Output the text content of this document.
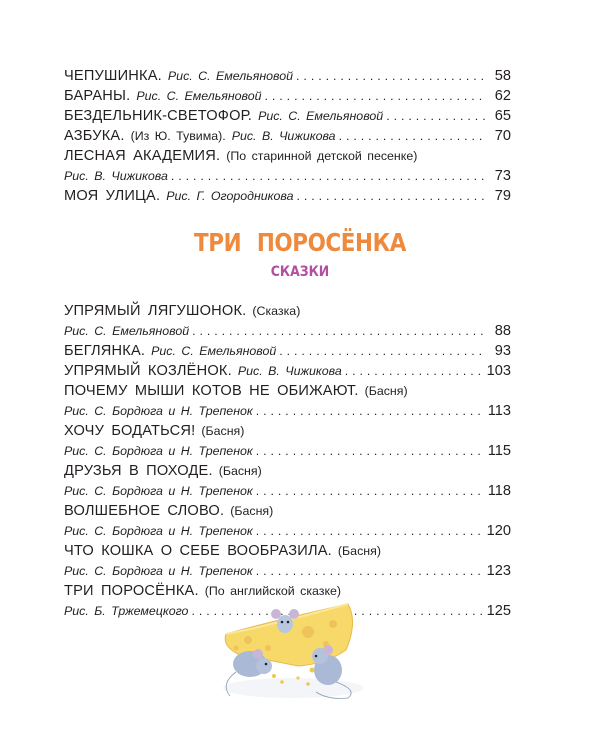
ЧЕПУШИНКА. Рис. С. Емельяновой . . .	58
БАРАНЫ. Рис. С. Емельяновой . . .	62
БЕЗДЕЛЬНИК-СВЕТОФОР. Рис. С. Емельяновой . . .	65
АЗБУКА. (Из Ю. Тувима). Рис. В. Чижикова . . .	70
ЛЕСНАЯ АКАДЕМИЯ. (По старинной детской песенке)
Рис. В. Чижикова . . .	73
МОЯ УЛИЦА. Рис. Г. Огородникова . . .	79
ТРИ ПОРОСЁНКА
СКАЗКИ
УПРЯМЫЙ ЛЯГУШОНОК. (Сказка)
Рис. С. Емельяновой . . .	88
БЕГЛЯНКА. Рис. С. Емельяновой . . .	93
УПРЯМЫЙ КОЗЛЁНОК. Рис. В. Чижикова . . .	103
ПОЧЕМУ МЫШИ КОТОВ НЕ ОБИЖАЮТ. (Басня)
Рис. С. Бордюга и Н. Трепенок . . .	113
ХОЧУ БОДАТЬСЯ! (Басня)
Рис. С. Бордюга и Н. Трепенок . . .	115
ДРУЗЬЯ В ПОХОДЕ. (Басня)
Рис. С. Бордюга и Н. Трепенок . . .	118
ВОЛШЕБНОЕ СЛОВО. (Басня)
Рис. С. Бордюга и Н. Трепенок . . .	120
ЧТО КОШКА О СЕБЕ ВООБРАЗИЛА. (Басня)
Рис. С. Бордюга и Н. Трепенок . . .	123
ТРИ ПОРОСЁНКА. (По английской сказке)
Рис. Б. Тржемецкого . . .	125
